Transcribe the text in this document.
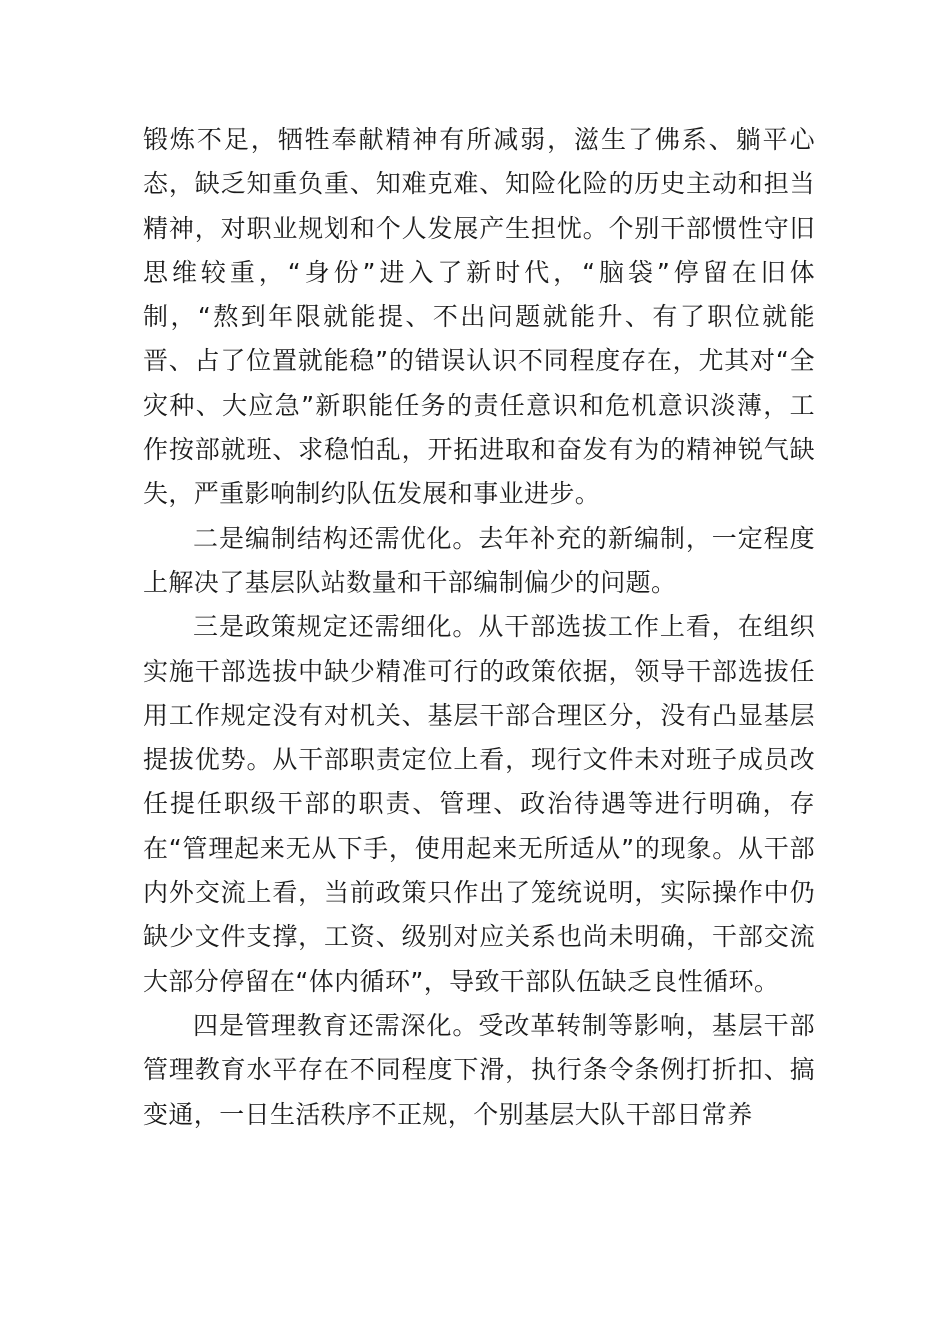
锻炼不足，牺牲奉献精神有所减弱，滋生了佛系、躺平心态，缺乏知重负重、知难克难、知险化险的历史主动和担当精神，对职业规划和个人发展产生担忧。个别干部惯性守旧思维较重，“身份”进入了新时代，“脑袋”停留在旧体制，“熬到年限就能提、不出问题就能升、有了职位就能晋、占了位置就能稳”的错误认识不同程度存在，尤其对“全灾种、大应急”新职能任务的责任意识和危机意识淡薄，工作按部就班、求稳怕乱，开拓进取和奋发有为的精神锐气缺失，严重影响制约队伍发展和事业进步。

二是编制结构还需优化。去年补充的新编制，一定程度上解决了基层队站数量和干部编制偏少的问题。

三是政策规定还需细化。从干部选拔工作上看，在组织实施干部选拔中缺少精准可行的政策依据，领导干部选拔任用工作规定没有对机关、基层干部合理区分，没有凸显基层提拔优势。从干部职责定位上看，现行文件未对班子成员改任提任职级干部的职责、管理、政治待遇等进行明确，存在“管理起来无从下手，使用起来无所适从”的现象。从干部内外交流上看，当前政策只作出了笼统说明，实际操作中仍缺少文件支撑，工资、级别对应关系也尚未明确，干部交流大部分停留在“体内循环”，导致干部队伍缺乏良性循环。

四是管理教育还需深化。受改革转制等影响，基层干部管理教育水平存在不同程度下滑，执行条令条例打折扣、搞变通，一日生活秩序不正规，个别基层大队干部日常养
